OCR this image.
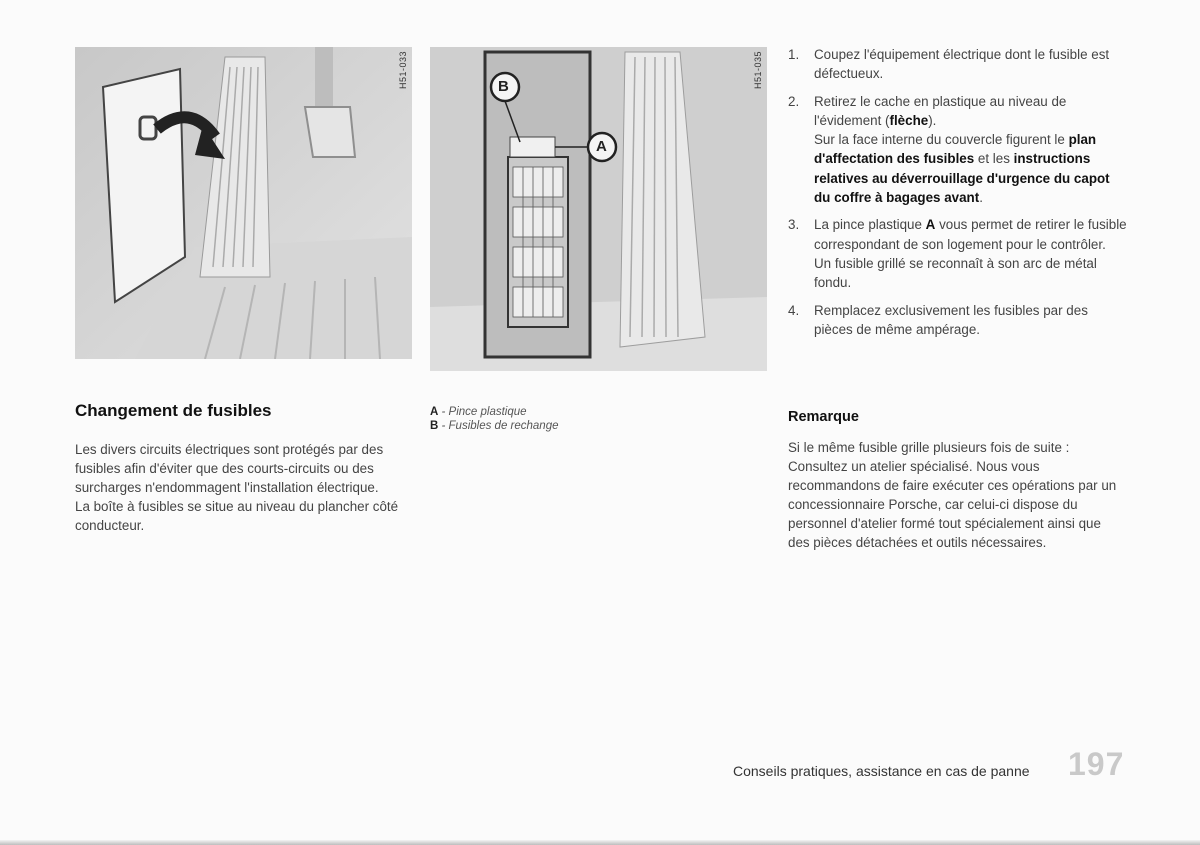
H51-033	B
A
H51-035
Changement de fusibles

Les divers circuits électriques sont protégés par des fusibles afin d'éviter que des courts-circuits ou des surcharges n'endommagent l'installation électrique.

La boîte à fusibles se situe au niveau du plancher côté conducteur.

A - Pince plastique
B - Fusibles de rechange
1. Coupez l'équipement électrique dont le fusible est défectueux.
2. Retirez le cache en plastique au niveau de l'évidement (flèche).
Sur la face interne du couvercle figurent le plan d'affectation des fusibles et les instructions relatives au déverrouillage d'urgence du capot du coffre à bagages avant.
3. La pince plastique A vous permet de retirer le fusible correspondant de son logement pour le contrôler.
Un fusible grillé se reconnaît à son arc de métal fondu.
4. Remplacez exclusivement les fusibles par des pièces de même ampérage.
Remarque

Si le même fusible grille plusieurs fois de suite : Consultez un atelier spécialisé. Nous vous recommandons de faire exécuter ces opérations par un concessionnaire Porsche, car celui-ci dispose du personnel d'atelier formé tout spécialement ainsi que des pièces détachées et outils nécessaires.

Conseils pratiques, assistance en cas de panne 197
